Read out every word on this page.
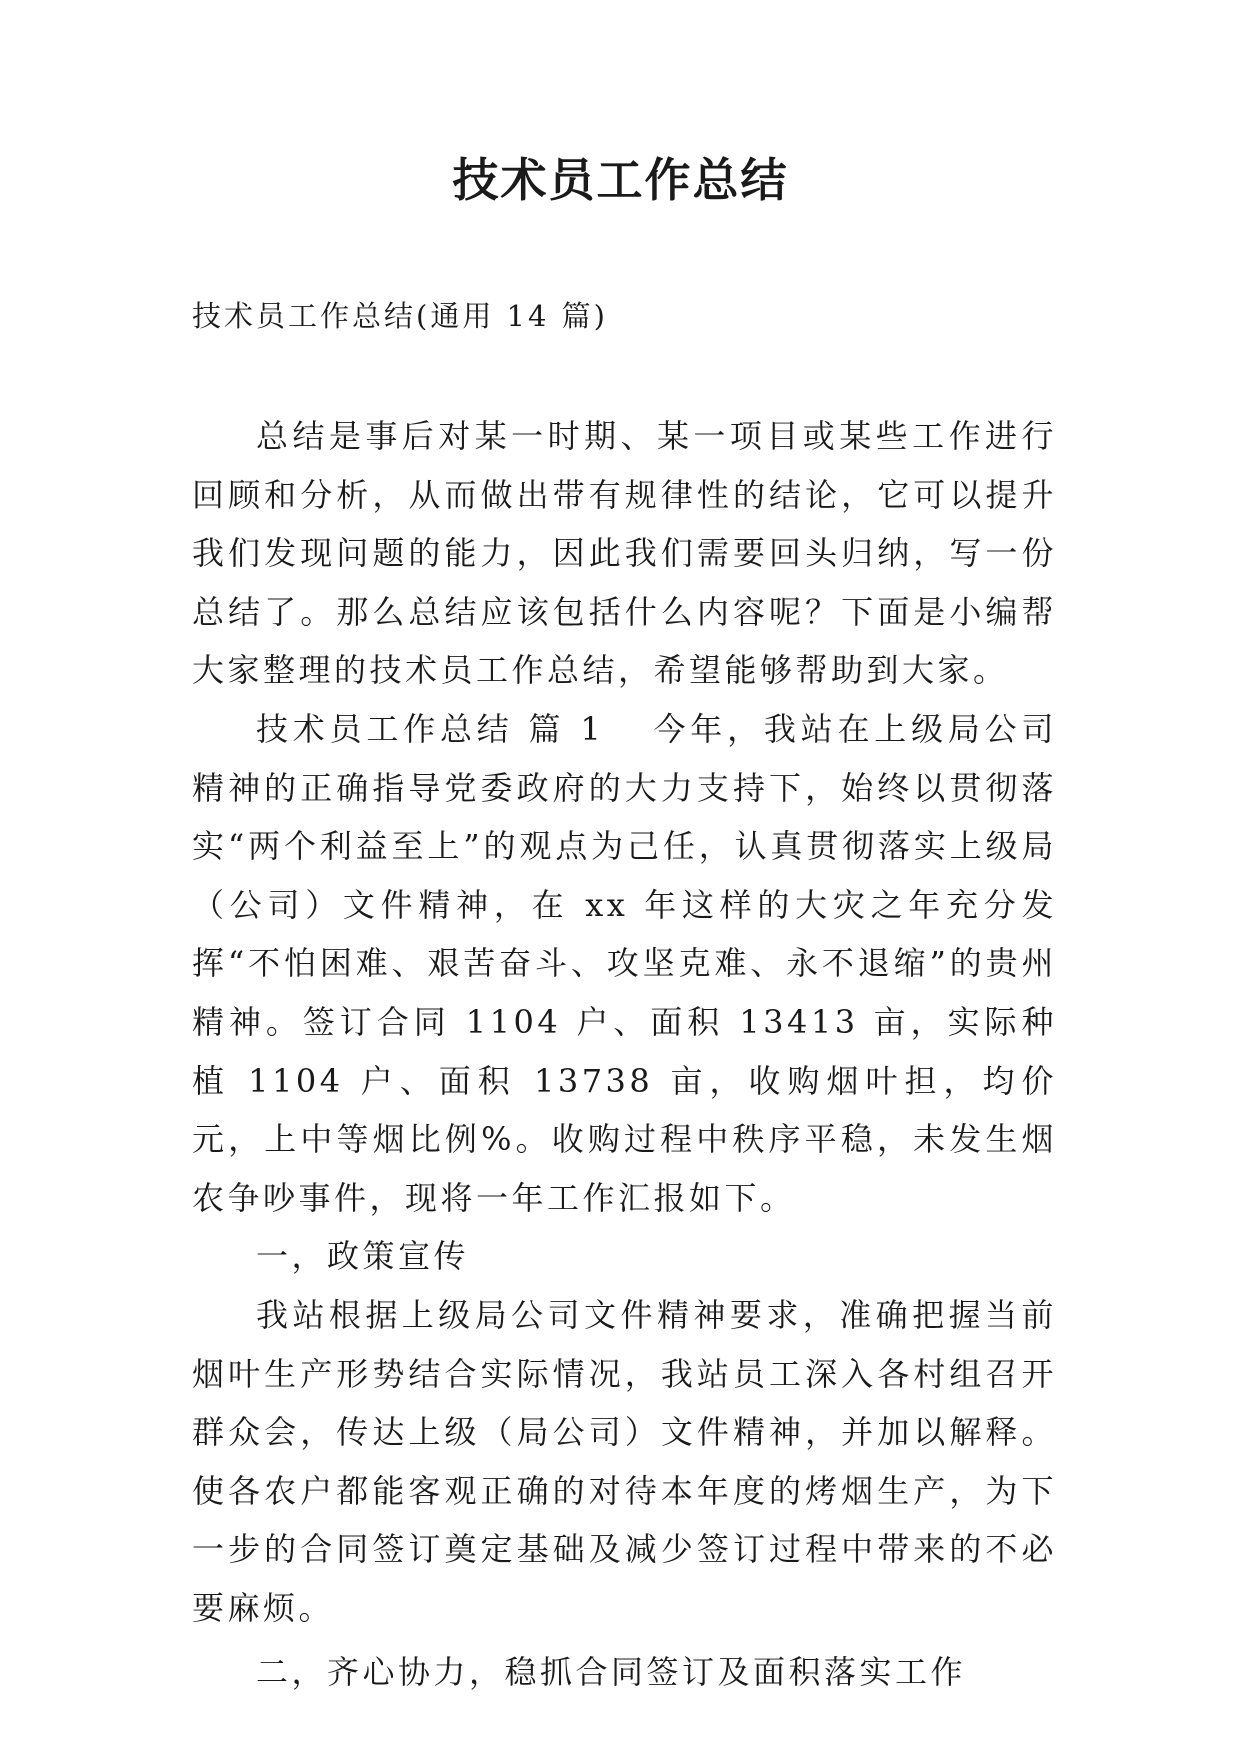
技术员工作总结

技术员工作总结(通用 14 篇)

总结是事后对某一时期、某一项目或某些工作进行回顾和分析，从而做出带有规律性的结论，它可以提升我们发现问题的能力，因此我们需要回头归纳，写一份总结了。那么总结应该包括什么内容呢？下面是小编帮大家整理的技术员工作总结，希望能够帮助到大家。

技术员工作总结 篇 1 今年，我站在上级局公司精神的正确指导党委政府的大力支持下，始终以贯彻落实“两个利益至上”的观点为己任，认真贯彻落实上级局（公司）文件精神，在 xx 年这样的大灾之年充分发挥“不怕困难、艰苦奋斗、攻坚克难、永不退缩”的贵州精神。签订合同 1104 户、面积 13413 亩，实际种植 1104 户、面积 13738 亩，收购烟叶担，均价元，上中等烟比例%。收购过程中秩序平稳，未发生烟农争吵事件，现将一年工作汇报如下。

一，政策宣传

我站根据上级局公司文件精神要求，准确把握当前烟叶生产形势结合实际情况，我站员工深入各村组召开群众会，传达上级（局公司）文件精神，并加以解释。使各农户都能客观正确的对待本年度的烤烟生产，为下一步的合同签订奠定基础及减少签订过程中带来的不必要麻烦。

二，齐心协力，稳抓合同签订及面积落实工作
